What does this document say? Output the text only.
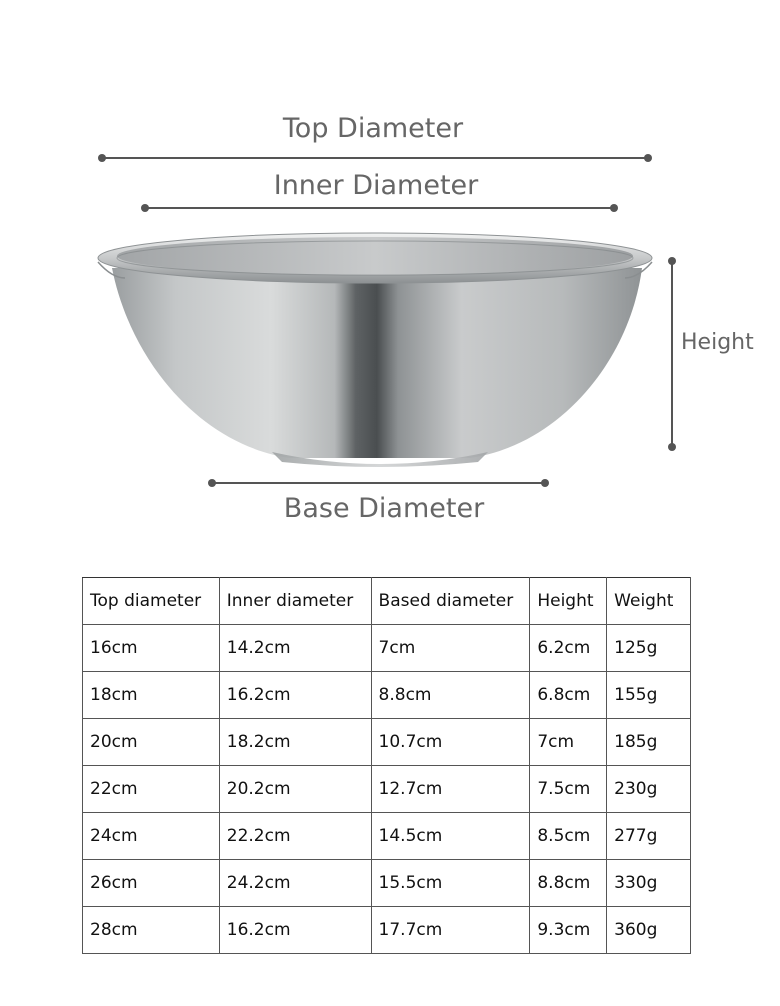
Top Diameter
Inner Diameter
Height
Base Diameter
Top diameter	Inner diameter	Based diameter	Height	Weight
16cm	14.2cm	7cm	6.2cm	125g
18cm	16.2cm	8.8cm	6.8cm	155g
20cm	18.2cm	10.7cm	7cm	185g
22cm	20.2cm	12.7cm	7.5cm	230g
24cm	22.2cm	14.5cm	8.5cm	277g
26cm	24.2cm	15.5cm	8.8cm	330g
28cm	16.2cm	17.7cm	9.3cm	360g
